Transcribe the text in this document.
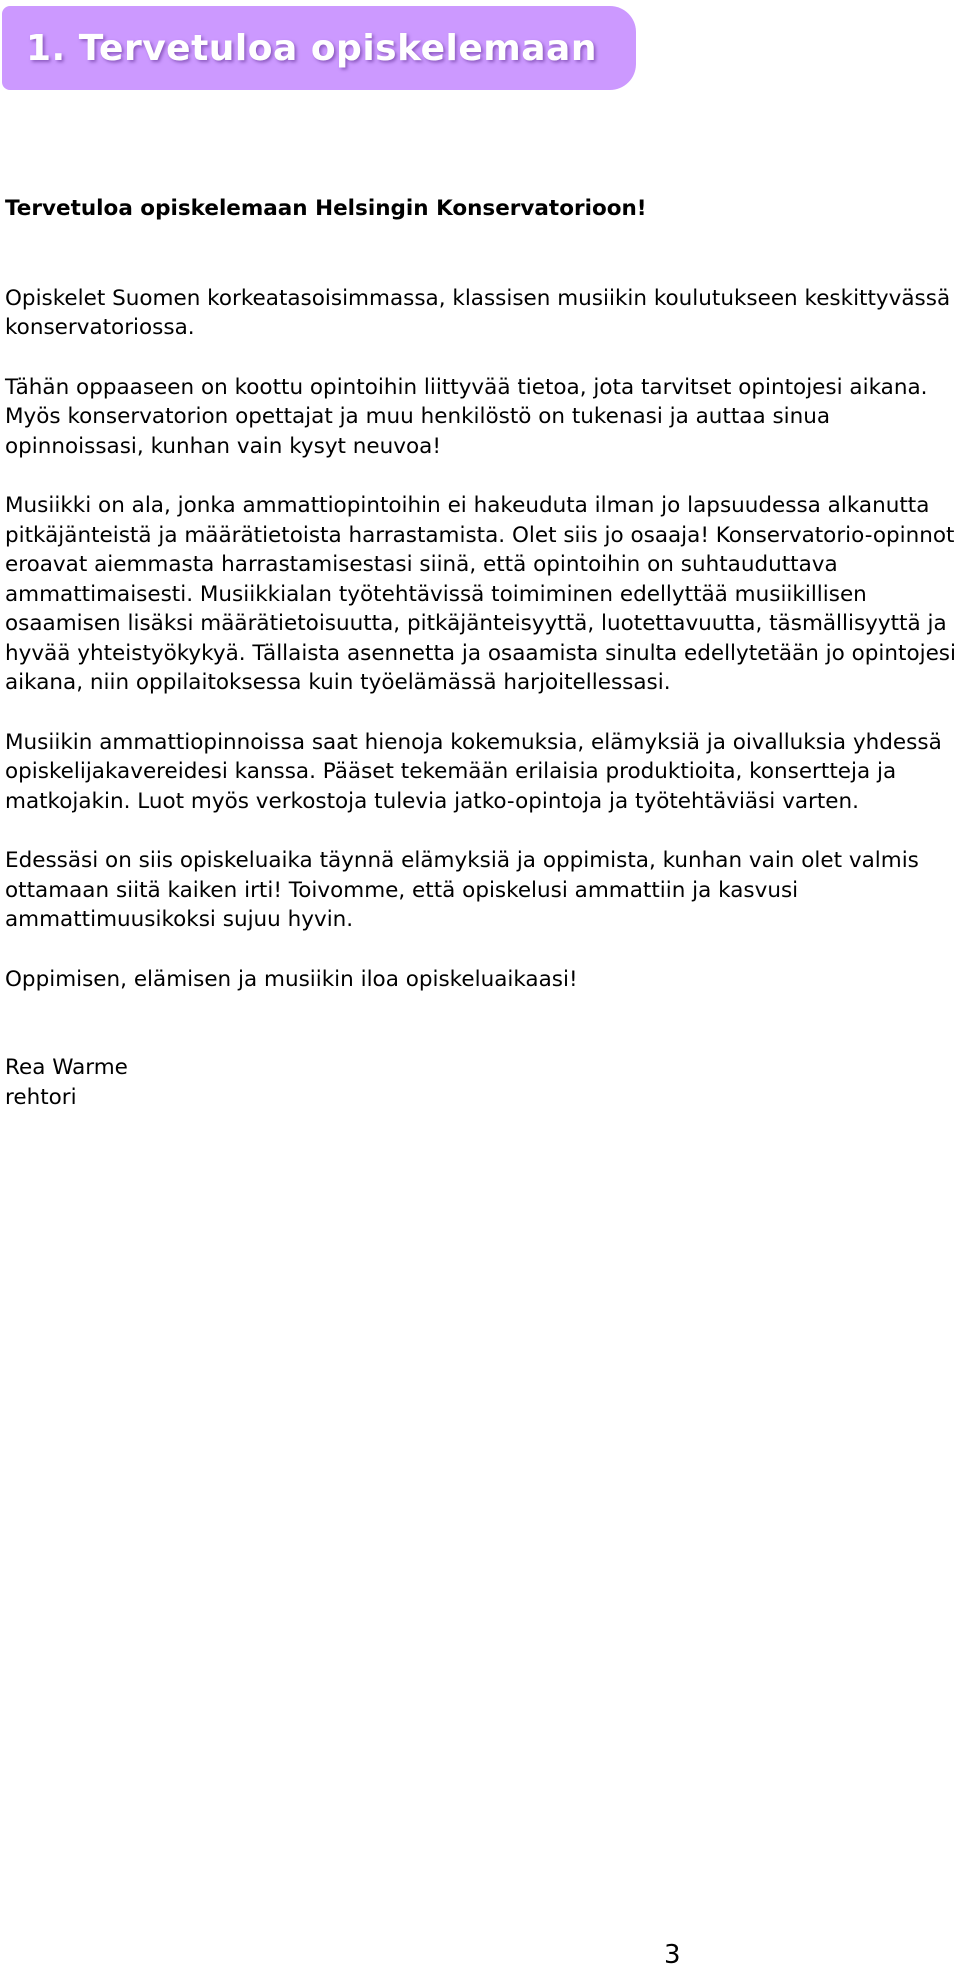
1. Tervetuloa opiskelemaan

Tervetuloa opiskelemaan Helsingin Konservatorioon!

Opiskelet Suomen korkeatasoisimmassa, klassisen musiikin koulutukseen keskittyvässä konservatoriossa.

Tähän oppaaseen on koottu opintoihin liittyvää tietoa, jota tarvitset opintojesi aikana. Myös konservatorion opettajat ja muu henkilöstö on tukenasi ja auttaa sinua opinnoissasi, kunhan vain kysyt neuvoa!

Musiikki on ala, jonka ammattiopintoihin ei hakeuduta ilman jo lapsuudessa alkanutta pitkäjänteistä ja määrätietoista harrastamista. Olet siis jo osaaja! Konservatorio-opinnot eroavat aiemmasta harrastamisestasi siinä, että opintoihin on suhtauduttava ammattimaisesti. Musiikkialan työtehtävissä toimiminen edellyttää musiikillisen osaamisen lisäksi määrätietoisuutta, pitkäjänteisyyttä, luotettavuutta, täsmällisyyttä ja hyvää yhteistyökykyä. Tällaista asennetta ja osaamista sinulta edellytetään jo opintojesi aikana, niin oppilaitoksessa kuin työelämässä harjoitellessasi.

Musiikin ammattiopinnoissa saat hienoja kokemuksia, elämyksiä ja oivalluksia yhdessä opiskelijakavereidesi kanssa. Pääset tekemään erilaisia produktioita, konsertteja ja matkojakin. Luot myös verkostoja tulevia jatko-opintoja ja työtehtäviäsi varten.

Edessäsi on siis opiskeluaika täynnä elämyksiä ja oppimista, kunhan vain olet valmis ottamaan siitä kaiken irti! Toivomme, että opiskelusi ammattiin ja kasvusi ammattimuusikoksi sujuu hyvin.

Oppimisen, elämisen ja musiikin iloa opiskeluaikaasi!

Rea Warme
rehtori

3
